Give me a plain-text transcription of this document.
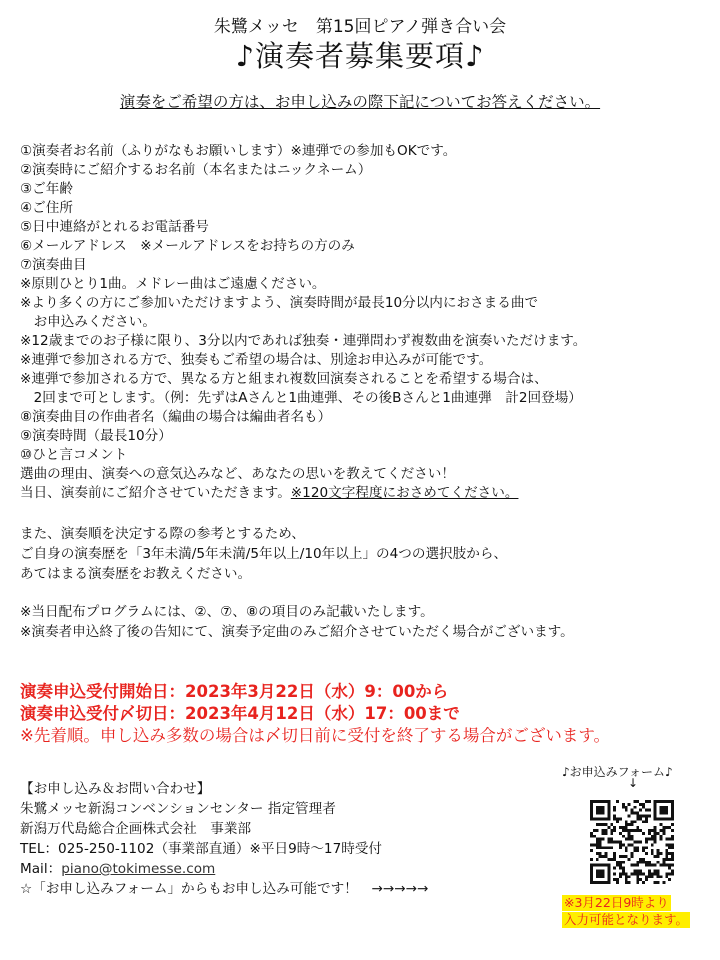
朱鷺メッセ　第15回ピアノ弾き合い会
♪演奏者募集要項♪
演奏をご希望の方は、お申し込みの際下記についてお答えください。
①演奏者お名前（ふりがなもお願いします）※連弾での参加もOKです。
②演奏時にご紹介するお名前（本名またはニックネーム）
③ご年齢
④ご住所
⑤日中連絡がとれるお電話番号
⑥メールアドレス　※メールアドレスをお持ちの方のみ
⑦演奏曲目
※原則ひとり1曲。メドレー曲はご遠慮ください。
※より多くの方にご参加いただけますよう、演奏時間が最長10分以内におさまる曲で
　お申込みください。
※12歳までのお子様に限り、3分以内であれば独奏・連弾問わず複数曲を演奏いただけます。
※連弾で参加される方で、独奏もご希望の場合は、別途お申込みが可能です。
※連弾で参加される方で、異なる方と組まれ複数回演奏されることを希望する場合は、
　2回まで可とします。（例：先ずはAさんと1曲連弾、その後Bさんと1曲連弾　計2回登場）
⑧演奏曲目の作曲者名（編曲の場合は編曲者名も）
⑨演奏時間（最長10分）
⑩ひと言コメント
選曲の理由、演奏への意気込みなど、あなたの思いを教えてください！
当日、演奏前にご紹介させていただきます。※120文字程度におさめてください。
また、演奏順を決定する際の参考とするため、
ご自身の演奏歴を「3年未満/5年未満/5年以上/10年以上」の4つの選択肢から、
あてはまる演奏歴をお教えください。
※当日配布プログラムには、②、⑦、⑧の項目のみ記載いたします。
※演奏者申込終了後の告知にて、演奏予定曲のみご紹介させていただく場合がございます。
演奏申込受付開始日：2023年3月22日（水）9：00から
演奏申込受付〆切日：2023年4月12日（水）17：00まで
※先着順。申し込み多数の場合は〆切日前に受付を終了する場合がございます。
【お申し込み＆お問い合わせ】
朱鷺メッセ新潟コンベンションセンター 指定管理者
新潟万代島総合企画株式会社　事業部
TEL：025-250-1102（事業部直通）※平日9時～17時受付
Mail：piano@tokimesse.com
☆「お申し込みフォーム」からもお申し込み可能です！　→→→→→
♪お申込みフォーム♪
↓
※3月22日9時より
入力可能となります。
